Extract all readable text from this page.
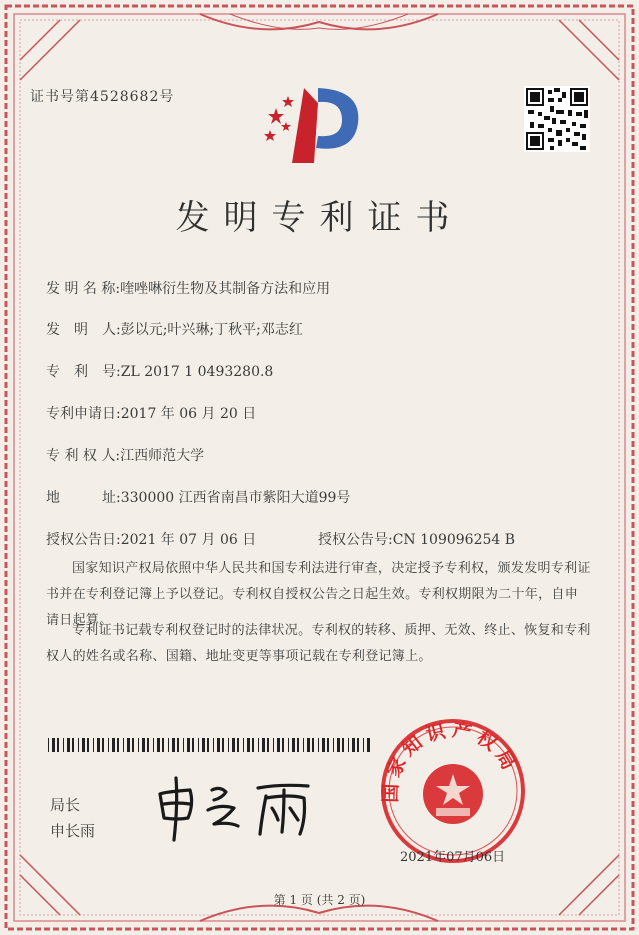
证书号第4528682号
发明专利证书
发 明 名 称:喹唑啉衍生物及其制备方法和应用
发　明　人:彭以元;叶兴琳;丁秋平;邓志红
专　利　号:ZL 2017 1 0493280.8
专利申请日:2017 年 06 月 20 日
专 利 权 人:江西师范大学
地　　　址:330000 江西省南昌市紫阳大道99号
授权公告日:2021 年 07 月 06 日	授权公告号:CN 109096254 B
国家知识产权局依照中华人民共和国专利法进行审查，决定授予专利权，颁发发明专利证书并在专利登记簿上予以登记。专利权自授权公告之日起生效。专利权期限为二十年，自申请日起算。
专利证书记载专利权登记时的法律状况。专利权的转移、质押、无效、终止、恢复和专利权人的姓名或名称、国籍、地址变更等事项记载在专利登记簿上。
局长
申长雨
国家知识产权局
2021年07月06日
第 1 页 (共 2 页)
